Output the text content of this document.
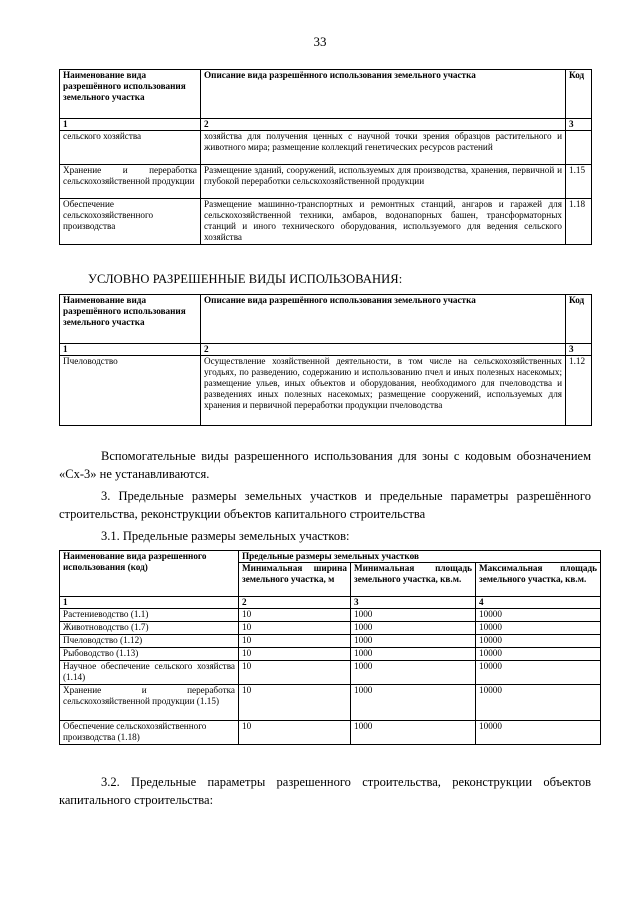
33
Наименование вида разрешённого использования земельного участка	Описание вида разрешённого использования земельного участка	Код
1	2	3
сельского хозяйства	хозяйства для получения ценных с научной точки зрения образцов растительного и животного мира; размещение коллекций генетических ресурсов растений	
Хранение и переработка сельскохозяйственной продукции	Размещение зданий, сооружений, используемых для производства, хранения, первичной и глубокой переработки сельскохозяйственной продукции	1.15
Обеспечение сельскохозяйственного производства	Размещение машинно-транспортных и ремонтных станций, ангаров и гаражей для сельскохозяйственной техники, амбаров, водонапорных башен, трансформаторных станций и иного технического оборудования, используемого для ведения сельского хозяйства	1.18
УСЛОВНО РАЗРЕШЕННЫЕ ВИДЫ ИСПОЛЬЗОВАНИЯ:
Наименование вида разрешённого использования земельного участка	Описание вида разрешённого использования земельного участка	Код
1	2	3
Пчеловодство	Осуществление хозяйственной деятельности, в том числе на сельскохозяйственных угодьях, по разведению, содержанию и использованию пчел и иных полезных насекомых; размещение ульев, иных объектов и оборудования, необходимого для пчеловодства и разведениях иных полезных насекомых; размещение сооружений, используемых для хранения и первичной переработки продукции пчеловодства	1.12
Вспомогательные виды разрешенного использования для зоны с кодовым обозначением «Сх-3» не устанавливаются.
3. Предельные размеры земельных участков и предельные параметры разрешённого строительства, реконструкции объектов капитального строительства
3.1. Предельные размеры земельных участков:
Наименование вида разрешенного использования (код)	Предельные размеры земельных участков		
	Минимальная ширина земельного участка, м	Минимальная площадь земельного участка, кв.м.	Максимальная площадь земельного участка, кв.м.
1	2	3	4
Растениеводство (1.1)	10	1000	10000
Животноводство (1.7)	10	1000	10000
Пчеловодство (1.12)	10	1000	10000
Рыбоводство (1.13)	10	1000	10000
Научное обеспечение сельского хозяйства (1.14)	10	1000	10000
Хранение и переработка сельскохозяйственной продукции (1.15)	10	1000	10000
Обеспечение сельскохозяйственного производства (1.18)	10	1000	10000
3.2. Предельные параметры разрешенного строительства, реконструкции объектов капитального строительства:
